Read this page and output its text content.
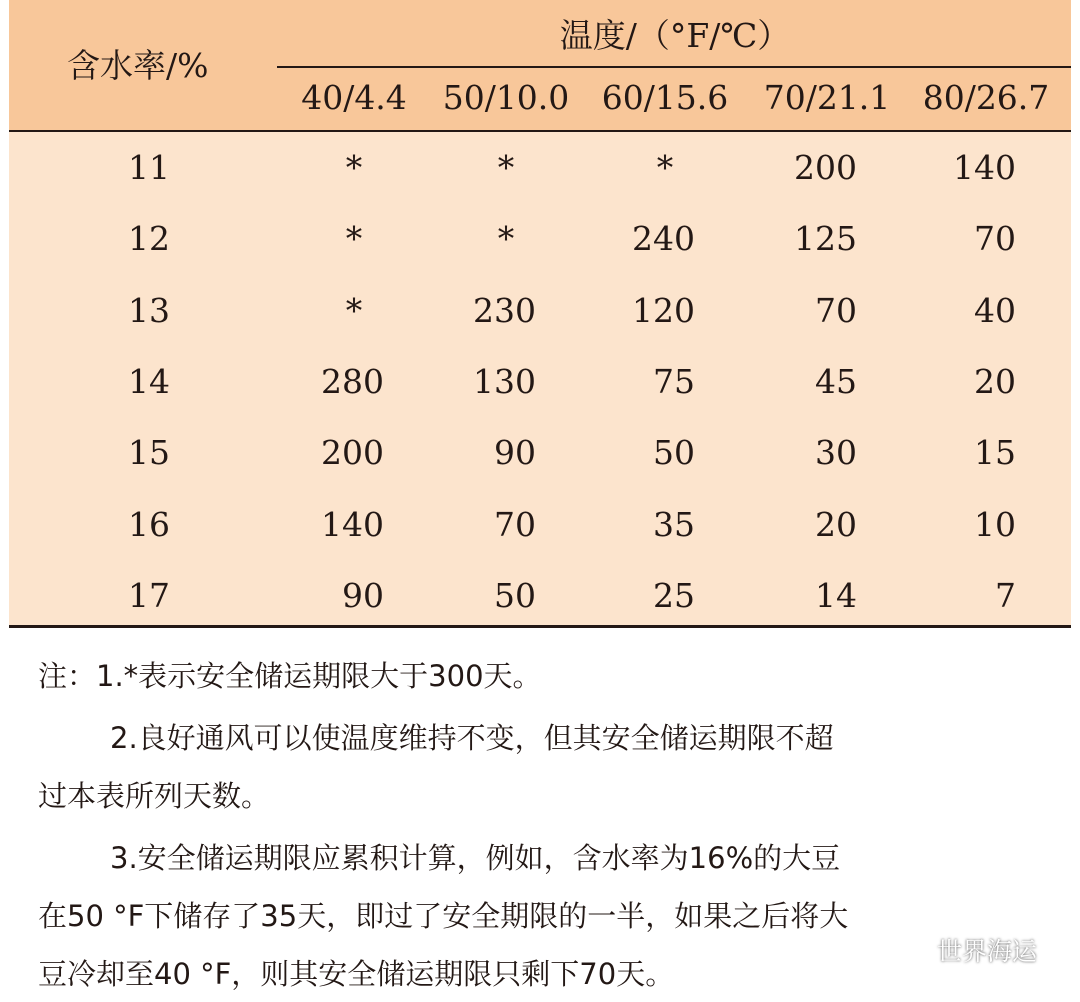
含水率/%
温度/（°F/℃）
40/4.4	50/10.0 60/15.6 70/21.1 80/26.7
11	*	*	*	200	140
12	*	*	240	125	70
13	*	230	120	70	40
14	280	130	75	45	20
15	200	90	50	30	15
16	140	70	35	20	10
17	90	50	25	14	7
注：1.*表示安全储运期限大于300天。
2.良好通风可以使温度维持不变，但其安全储运期限不超
过本表所列天数。
3.安全储运期限应累积计算，例如，含水率为16%的大豆
在50 °F下储存了35天，即过了安全期限的一半，如果之后将大
豆冷却至40 °F，则其安全储运期限只剩下70天。
世界海运
